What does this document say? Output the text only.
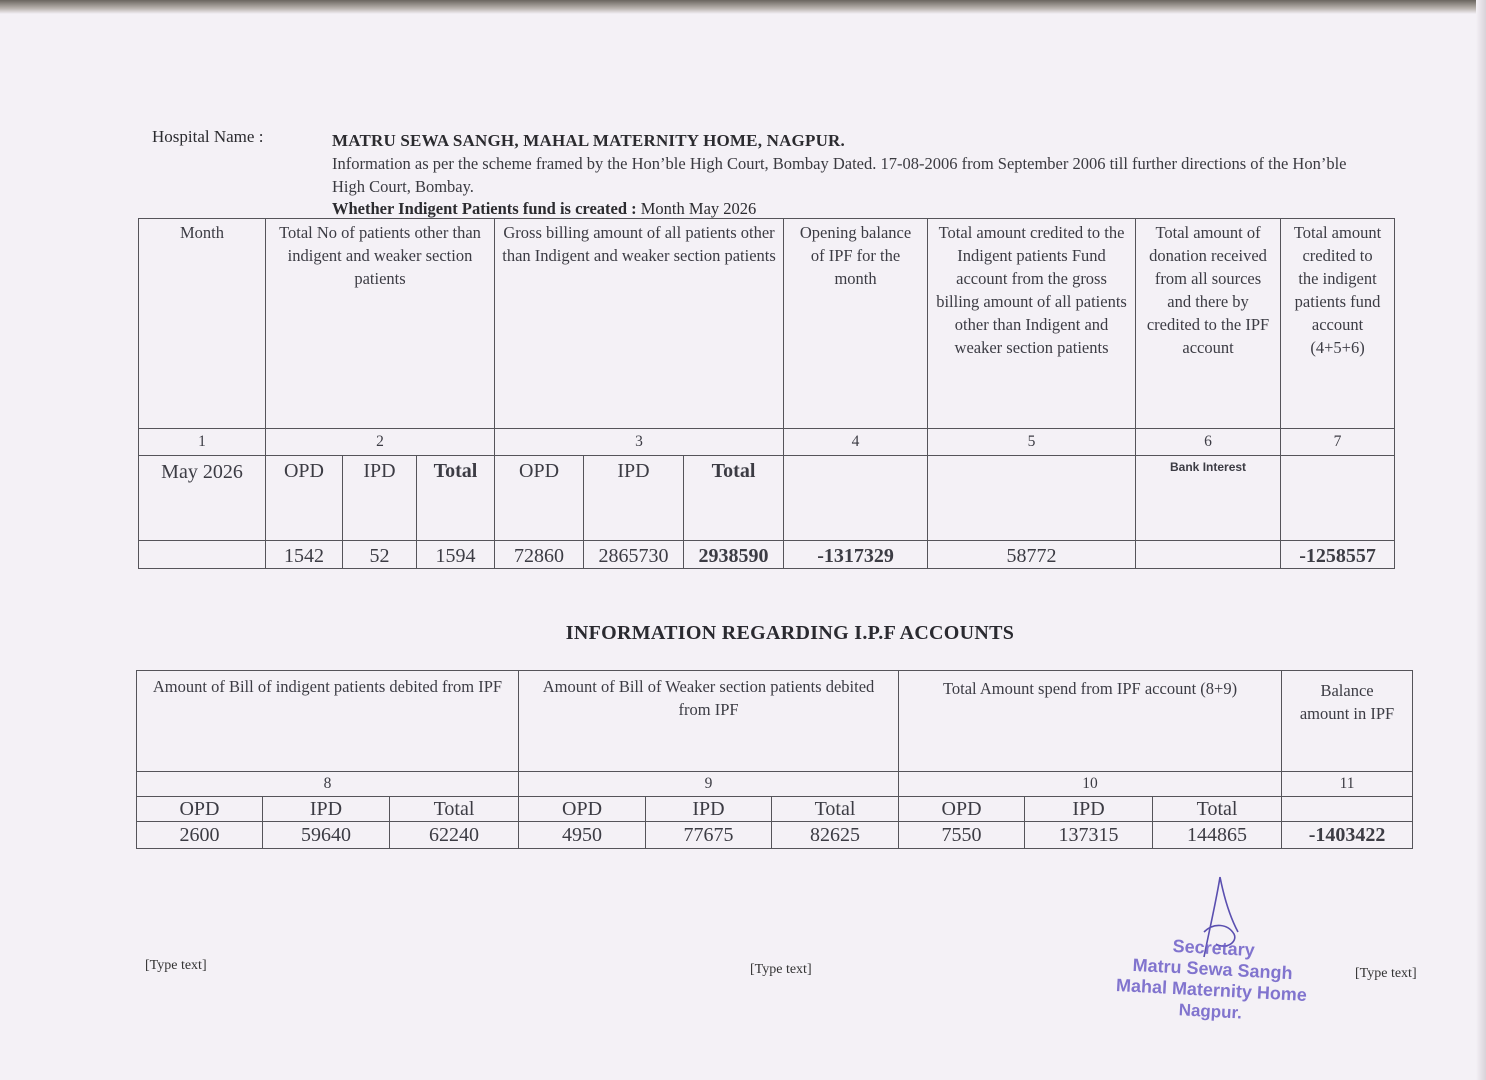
Hospital Name :	MATRU SEWA SANGH, MAHAL MATERNITY HOME, NAGPUR.
Information as per the scheme framed by the Hon’ble High Court, Bombay Dated. 17-08-2006 from September 2006 till further directions of the Hon’ble High Court, Bombay.
Whether Indigent Patients fund is created : Month May 2026
Month	Total No of patients other than indigent and weaker section patients			Gross billing amount of all patients other than Indigent and weaker section patients			Opening balance of IPF for the month	Total amount credited to the Indigent patients Fund account from the gross billing amount of all patients other than Indigent and weaker section patients	Total amount of donation received from all sources and there by credited to the IPF account	Total amount credited to the indigent patients fund account (4+5+6)
1	2			3			4	5	6	7
May 2026	OPD	IPD	Total	OPD	IPD	Total			Bank Interest	
	1542	52	1594	72860	2865730	2938590	-1317329	58772		-1258557
INFORMATION REGARDING I.P.F ACCOUNTS
Amount of Bill of indigent patients debited from IPF			Amount of Bill of Weaker section patients debited from IPF			Total Amount spend from IPF account (8+9)			Balance amount in IPF
8			9			10			11
OPD	IPD	Total	OPD	IPD	Total	OPD	IPD	Total	
2600	59640	62240	4950	77675	82625	7550	137315	144865	-1403422
[Type text]	[Type text]	[Type text]
Secretary
Matru Sewa Sangh
Mahal Maternity Home
Nagpur.
